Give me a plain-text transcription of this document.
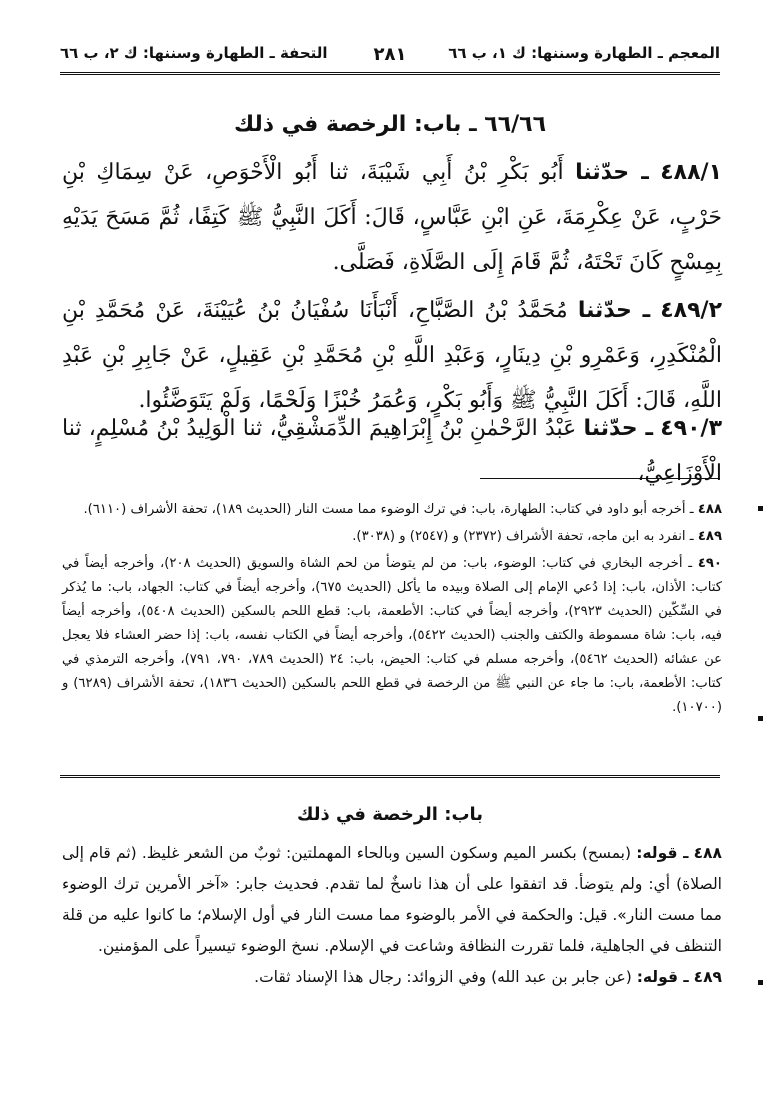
المعجم ـ الطهارة وسننها: ك ١، ب ٦٦
٢٨١
التحفة ـ الطهارة وسننها: ك ٢، ب ٦٦
٦٦/٦٦ ـ باب: الرخصة في ذلك
٤٨٨/١ ـ حدّثنا أَبُو بَكْرِ بْنُ أَبِي شَيْبَةَ، ثنا أَبُو الْأَحْوَصِ، عَنْ سِمَاكِ بْنِ حَرْبٍ، عَنْ عِكْرِمَةَ، عَنِ ابْنِ عَبَّاسٍ، قَالَ: أَكَلَ النَّبِيُّ ﷺ كَتِفًا، ثُمَّ مَسَحَ يَدَيْهِ بِمِسْحٍ كَانَ تَحْتَهُ، ثُمَّ قَامَ إِلَى الصَّلَاةِ، فَصَلَّى.
٤٨٩/٢ ـ حدّثنا مُحَمَّدُ بْنُ الصَّبَّاحِ، أَنْبَأَنَا سُفْيَانُ بْنُ عُيَيْنَةَ، عَنْ مُحَمَّدِ بْنِ الْمُنْكَدِرِ، وَعَمْرِو بْنِ دِينَارٍ، وَعَبْدِ اللَّهِ بْنِ مُحَمَّدِ بْنِ عَقِيلٍ، عَنْ جَابِرِ بْنِ عَبْدِ اللَّهِ، قَالَ: أَكَلَ النَّبِيُّ ﷺ وَأَبُو بَكْرٍ، وَعُمَرُ خُبْزًا وَلَحْمًا، وَلَمْ يَتَوَضَّئُوا.
٤٩٠/٣ ـ حدّثنا عَبْدُ الرَّحْمٰنِ بْنُ إِبْرَاهِيمَ الدِّمَشْقِيُّ، ثنا الْوَلِيدُ بْنُ مُسْلِمٍ، ثنا الْأَوْزَاعِيُّ،

٤٨٨ ـ أخرجه أبو داود في كتاب: الطهارة، باب: في ترك الوضوء مما مست النار (الحديث ١٨٩)، تحفة الأشراف (٦١١٠).

٤٨٩ ـ انفرد به ابن ماجه، تحفة الأشراف (٢٣٧٢) و (٢٥٤٧) و (٣٠٣٨).

٤٩٠ ـ أخرجه البخاري في كتاب: الوضوء، باب: من لم يتوضأ من لحم الشاة والسويق (الحديث ٢٠٨)، وأخرجه أيضاً في كتاب: الأذان، باب: إذا دُعي الإمام إلى الصلاة وبيده ما يأكل (الحديث ٦٧٥)، وأخرجه أيضاً في كتاب: الجهاد، باب: ما يُذكر في السِّكّين (الحديث ٢٩٢٣)، وأخرجه أيضاً في كتاب: الأطعمة، باب: قطع اللحم بالسكين (الحديث ٥٤٠٨)، وأخرجه أيضاً فيه، باب: شاة مسموطة والكتف والجنب (الحديث ٥٤٢٢)، وأخرجه أيضاً في الكتاب نفسه، باب: إذا حضر العشاء فلا يعجل عن عشائه (الحديث ٥٤٦٢)، وأخرجه مسلم في كتاب: الحيض، باب: ٢٤ (الحديث ٧٨٩، ٧٩٠، ٧٩١)، وأخرجه الترمذي في كتاب: الأطعمة، باب: ما جاء عن النبي ﷺ من الرخصة في قطع اللحم بالسكين (الحديث ١٨٣٦)، تحفة الأشراف (٦٢٨٩) و (١٠٧٠٠).

باب: الرخصة في ذلك

٤٨٨ ـ قوله: (بمسح) بكسر الميم وسكون السين وبالحاء المهملتين: ثوبٌ من الشعر غليظ. (ثم قام إلى الصلاة) أي: ولم يتوضأ. قد اتفقوا على أن هذا ناسخٌ لما تقدم. فحديث جابر: «آخر الأمرين ترك الوضوء مما مست النار». قيل: والحكمة في الأمر بالوضوء مما مست النار في أول الإسلام؛ ما كانوا عليه من قلة التنظف في الجاهلية، فلما تقررت النظافة وشاعت في الإسلام. نسخ الوضوء تيسيراً على المؤمنين.

٤٨٩ ـ قوله: (عن جابر بن عبد الله) وفي الزوائد: رجال هذا الإسناد ثقات.
